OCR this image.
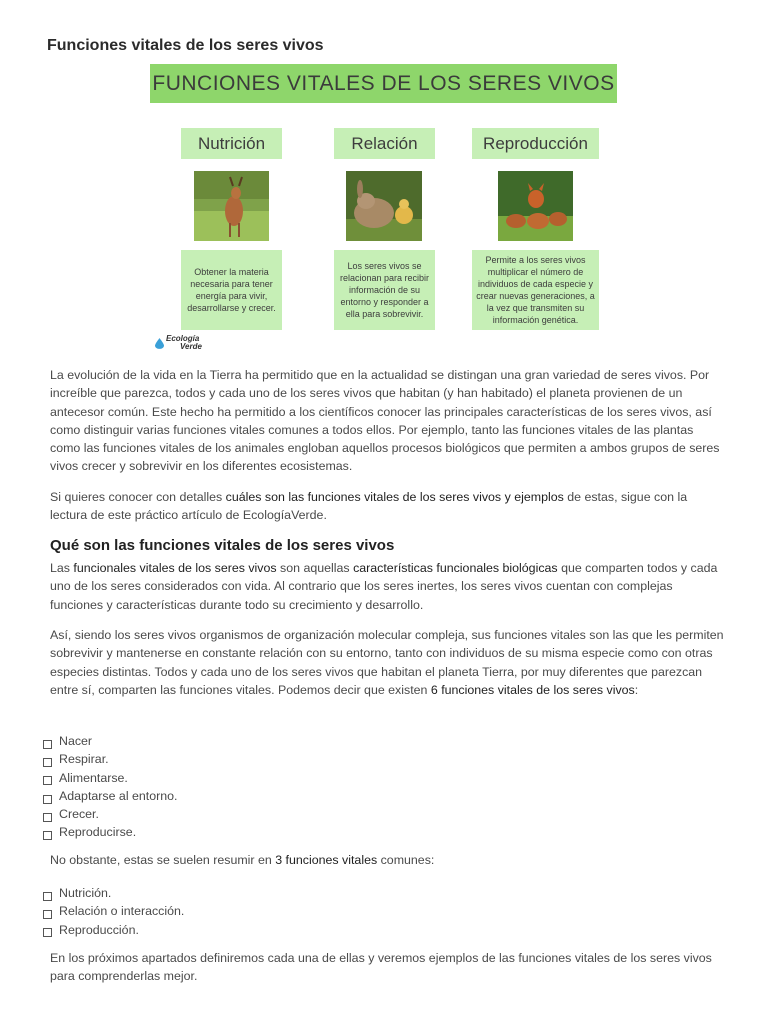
Funciones vitales de los seres vivos
FUNCIONES VITALES DE LOS SERES VIVOS
Nutrición
Obtener la materia necesaria para tener energía para vivir, desarrollarse y crecer.
Relación
Los seres vivos se relacionan para recibir información de su entorno y responder a ella para sobrevivir.
Reproducción
Permite a los seres vivos multiplicar el número de individuos de cada especie y crear nuevas generaciones, a la vez que transmiten su información genética.
Ecología
Verde

La evolución de la vida en la Tierra ha permitido que en la actualidad se distingan una gran variedad de seres vivos. Por increíble que parezca, todos y cada uno de los seres vivos que habitan (y han habitado) el planeta provienen de un antecesor común. Este hecho ha permitido a los científicos conocer las principales características de los seres vivos, así como distinguir varias funciones vitales comunes a todos ellos. Por ejemplo, tanto las funciones vitales de las plantas como las funciones vitales de los animales engloban aquellos procesos biológicos que permiten a ambos grupos de seres vivos crecer y sobrevivir en los diferentes ecosistemas.

Si quieres conocer con detalles cuáles son las funciones vitales de los seres vivos y ejemplos de estas, sigue con la lectura de este práctico artículo de EcologíaVerde.

Qué son las funciones vitales de los seres vivos

Las funcionales vitales de los seres vivos son aquellas características funcionales biológicas que comparten todos y cada uno de los seres considerados con vida. Al contrario que los seres inertes, los seres vivos cuentan con complejas funciones y características durante todo su crecimiento y desarrollo.

Así, siendo los seres vivos organismos de organización molecular compleja, sus funciones vitales son las que les permiten sobrevivir y mantenerse en constante relación con su entorno, tanto con individuos de su misma especie como con otras especies distintas. Todos y cada uno de los seres vivos que habitan el planeta Tierra, por muy diferentes que parezcan entre sí, comparten las funciones vitales. Podemos decir que existen 6 funciones vitales de los seres vivos:

Nacer
Respirar.
Alimentarse.
Adaptarse al entorno.
Crecer.
Reproducirse.

No obstante, estas se suelen resumir en 3 funciones vitales comunes:

Nutrición.
Relación o interacción.
Reproducción.

En los próximos apartados definiremos cada una de ellas y veremos ejemplos de las funciones vitales de los seres vivos para comprenderlas mejor.
